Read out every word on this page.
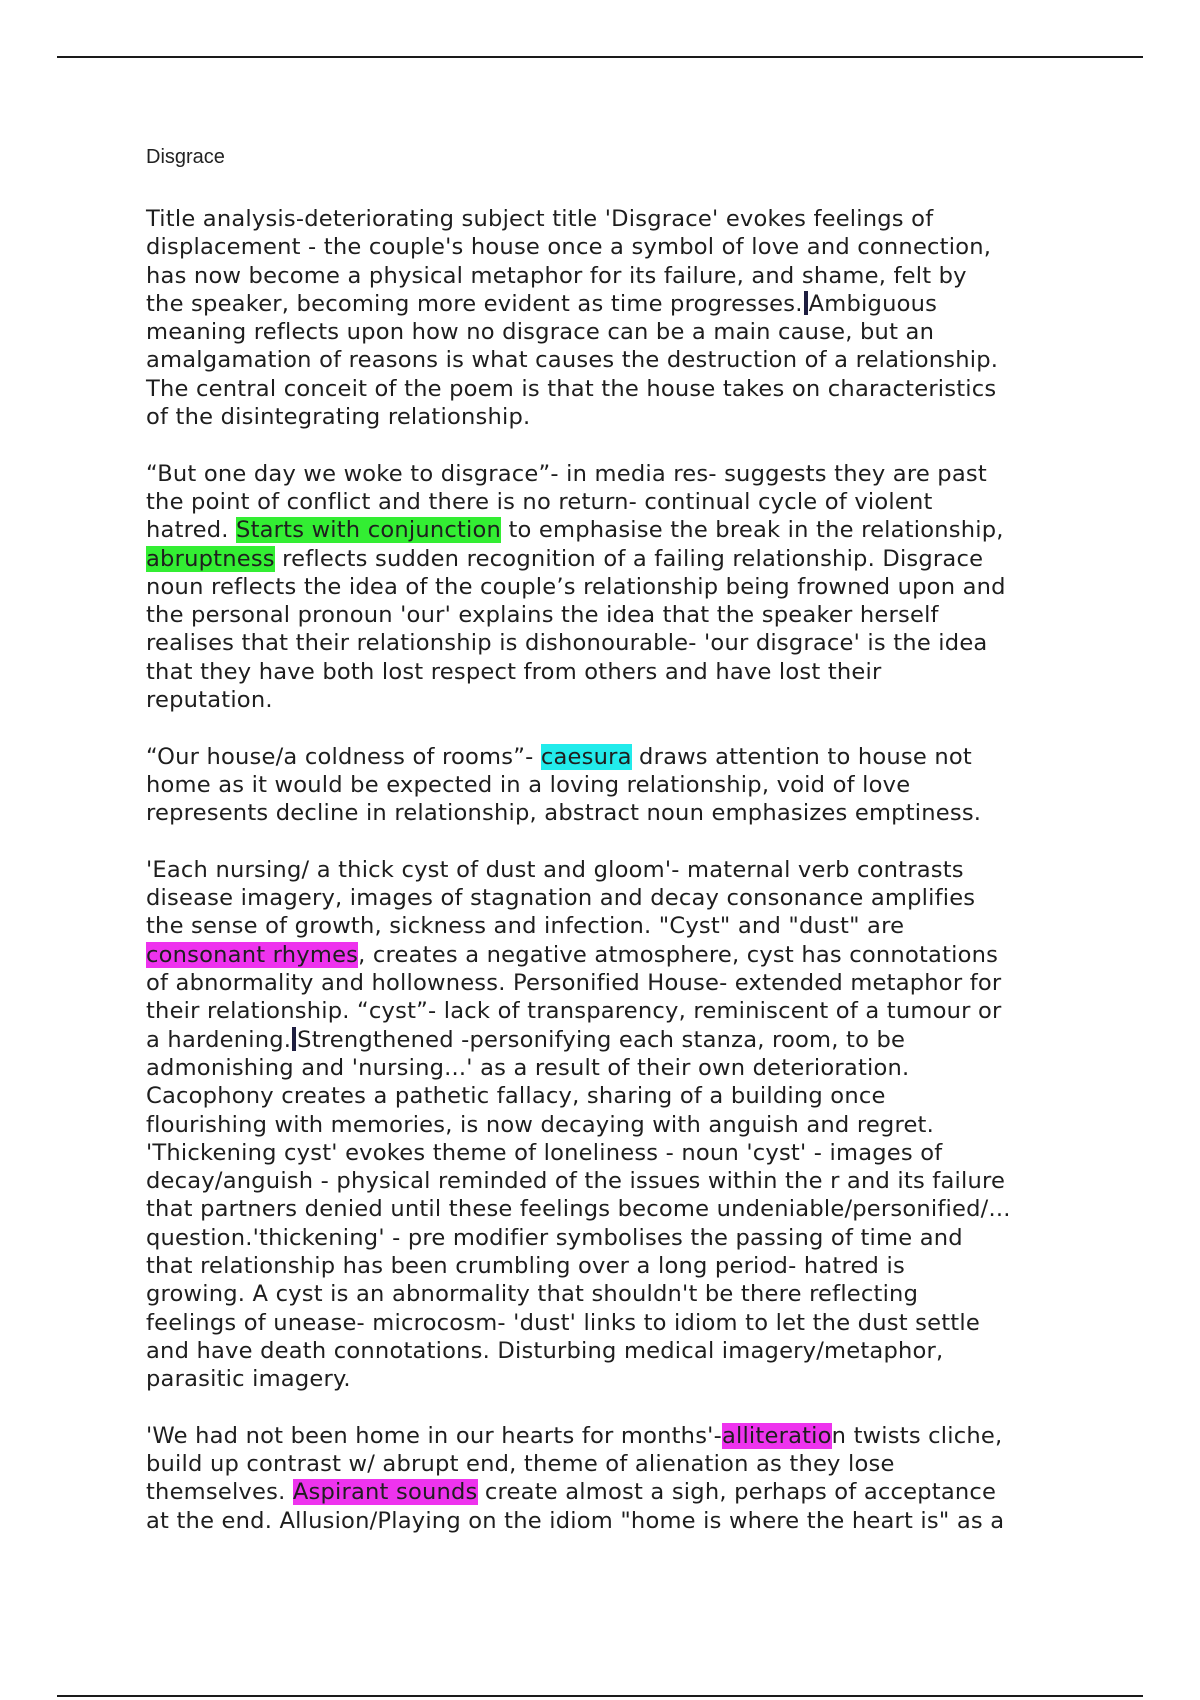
Disgrace
Title analysis-deteriorating subject title 'Disgrace' evokes feelings of
displacement - the couple's house once a symbol of love and connection,
has now become a physical metaphor for its failure, and shame, felt by
the speaker, becoming more evident as time progresses. Ambiguous
meaning reflects upon how no disgrace can be a main cause, but an
amalgamation of reasons is what causes the destruction of a relationship.
The central conceit of the poem is that the house takes on characteristics
of the disintegrating relationship.
“But one day we woke to disgrace”- in media res- suggests they are past
the point of conflict and there is no return- continual cycle of violent
hatred. Starts with conjunction to emphasise the break in the relationship,
abruptness reflects sudden recognition of a failing relationship. Disgrace
noun reflects the idea of the couple’s relationship being frowned upon and
the personal pronoun 'our' explains the idea that the speaker herself
realises that their relationship is dishonourable- 'our disgrace' is the idea
that they have both lost respect from others and have lost their
reputation.
“Our house/a coldness of rooms”- caesura draws attention to house not
home as it would be expected in a loving relationship, void of love
represents decline in relationship, abstract noun emphasizes emptiness.
'Each nursing/ a thick cyst of dust and gloom'- maternal verb contrasts
disease imagery, images of stagnation and decay consonance amplifies
the sense of growth, sickness and infection. "Cyst" and "dust" are
consonant rhymes, creates a negative atmosphere, cyst has connotations
of abnormality and hollowness. Personified House- extended metaphor for
their relationship. “cyst”- lack of transparency, reminiscent of a tumour or
a hardening. Strengthened -personifying each stanza, room, to be
admonishing and 'nursing...' as a result of their own deterioration.
Cacophony creates a pathetic fallacy, sharing of a building once
flourishing with memories, is now decaying with anguish and regret.
'Thickening cyst' evokes theme of loneliness - noun 'cyst' - images of
decay/anguish - physical reminded of the issues within the r and its failure
that partners denied until these feelings become undeniable/personified/...
question.'thickening' - pre modifier symbolises the passing of time and
that relationship has been crumbling over a long period- hatred is
growing. A cyst is an abnormality that shouldn't be there reflecting
feelings of unease- microcosm- 'dust' links to idiom to let the dust settle
and have death connotations. Disturbing medical imagery/metaphor,
parasitic imagery.
'We had not been home in our hearts for months'-alliteration twists cliche,
build up contrast w/ abrupt end, theme of alienation as they lose
themselves. Aspirant sounds create almost a sigh, perhaps of acceptance
at the end. Allusion/Playing on the idiom "home is where the heart is" as a
